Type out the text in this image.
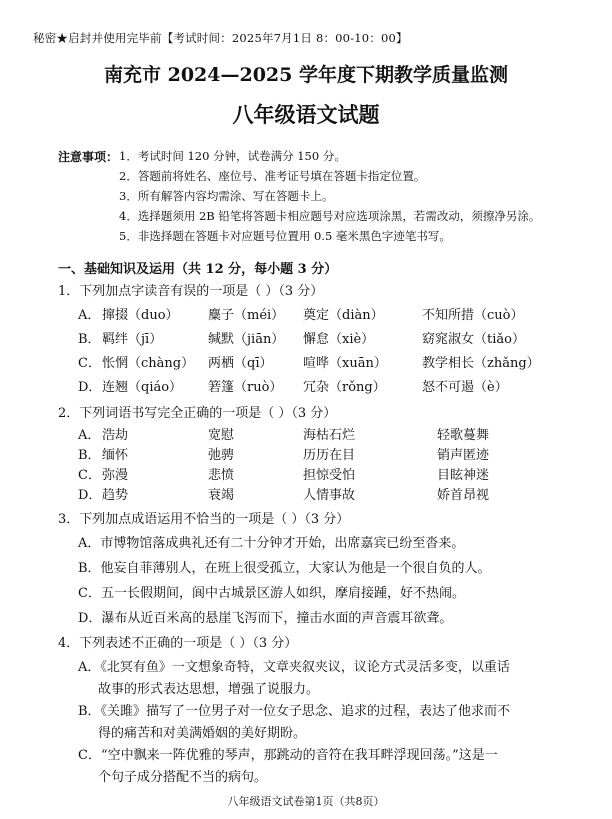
秘密★启封并使用完毕前【考试时间：2025年7月1日 8：00-10：00】
南充市 2024—2025 学年度下期教学质量监测
八年级语文试题
注意事项： 1．考试时间 120 分钟，试卷满分 150 分。
2．答题前将姓名、座位号、准考证号填在答题卡指定位置。
3．所有解答内容均需涂、写在答题卡上。
4．选择题须用 2B 铅笔将答题卡相应题号对应选项涂黑，若需改动，须擦净另涂。
5．非选择题在答题卡对应题号位置用 0.5 毫米黑色字迹笔书写。
一、基础知识及运用（共 12 分，每小题 3 分）
1．下列加点字读音有误的一项是（ ）（3 分）
A． 撺掇（duo） 麋子（méi） 奠定（diàn）	不知所措（cuò）
B． 羁绊（jī）	缄默（jiān） 懈怠（xiè）	窈窕淑女（tiǎo）
C． 怅惘（chàng） 两栖（qī） 喧哗（xuān）	教学相长（zhǎng）
D． 连翘（qiáo） 箬篷（ruò） 冗杂（rǒng）	怒不可遏（è）
2．下列词语书写完全正确的一项是（ ）（3 分）
A． 浩劫	宽慰	海枯石烂	轻歌蔓舞
B． 缅怀	弛骋	历历在目	销声匿迹
C． 弥漫	悲愤	担惊受怕	目眩神迷
D． 趋势	衰竭	人情事故	娇首昂视
3．下列加点成语运用不恰当的一项是（ ）（3 分）
A．市博物馆落成典礼还有二十分钟才开始，出席嘉宾已纷至沓来。
B．他妄自菲薄别人，在班上很受孤立，大家认为他是一个很自负的人。
C．五一长假期间，阆中古城景区游人如织，摩肩接踵，好不热闹。
D．瀑布从近百米高的悬崖飞泻而下，撞击水面的声音震耳欲聋。
4．下列表述不正确的一项是（ ）（3 分）
A．《北冥有鱼》一文想象奇特，文章夹叙夹议，议论方式灵活多变，以重话
故事的形式表达思想，增强了说服力。
B．《关雎》描写了一位男子对一位女子思念、追求的过程，表达了他求而不
得的痛苦和对美满婚姻的美好期盼。
C．“空中飘来一阵优雅的琴声，那跳动的音符在我耳畔浮现回荡。”这是一
个句子成分搭配不当的病句。
八年级语文试卷第1页（共8页）
